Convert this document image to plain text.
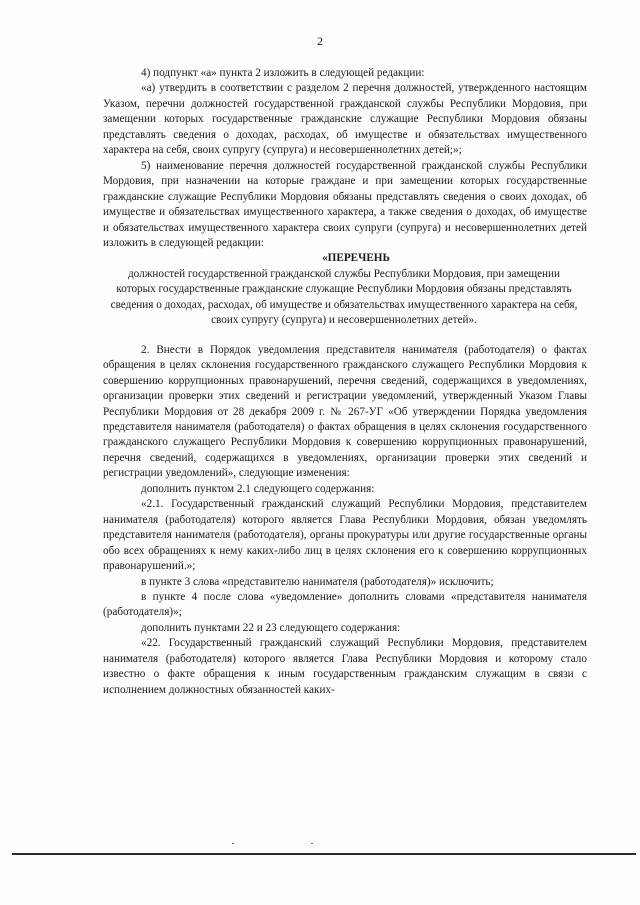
2

4) подпункт «а» пункта 2 изложить в следующей редакции:

«а) утвердить в соответствии с разделом 2 перечня должностей, утвержденного настоящим Указом, перечни должностей государственной гражданской службы Республики Мордовия, при замещении которых государственные гражданские служащие Республики Мордовия обязаны представлять сведения о доходах, расходах, об имуществе и обязательствах имущественного характера на себя, своих супругу (супруга) и несовершеннолетних детей;»;

5) наименование перечня должностей государственной гражданской службы Республики Мордовия, при назначении на которые граждане и при замещении которых государственные гражданские служащие Республики Мордовия обязаны представлять сведения о своих доходах, об имуществе и обязательствах имущественного характера, а также сведения о доходах, об имуществе и обязательствах имущественного характера своих супруги (супруга) и несовершеннолетних детей изложить в следующей редакции:

«ПЕРЕЧЕНЬ

должностей государственной гражданской службы Республики Мордовия, при замещении которых государственные гражданские служащие Республики Мордовия обязаны представлять сведения о доходах, расходах, об имуществе и обязательствах имущественного характера на себя, своих супругу (супруга) и несовершеннолетних детей».

2. Внести в Порядок уведомления представителя нанимателя (работодателя) о фактах обращения в целях склонения государственного гражданского служащего Республики Мордовия к совершению коррупционных правонарушений, перечня сведений, содержащихся в уведомлениях, организации проверки этих сведений и регистрации уведомлений, утвержденный Указом Главы Республики Мордовия от 28 декабря 2009 г. № 267-УГ «Об утверждении Порядка уведомления представителя нанимателя (работодателя) о фактах обращения в целях склонения государственного гражданского служащего Республики Мордовия к совершению коррупционных правонарушений, перечня сведений, содержащихся в уведомлениях, организации проверки этих сведений и регистрации уведомлений», следующие изменения:

дополнить пунктом 2.1 следующего содержания:

«2.1. Государственный гражданский служащий Республики Мордовия, представителем нанимателя (работодателя) которого является Глава Республики Мордовия, обязан уведомлять представителя нанимателя (работодателя), органы прокуратуры или другие государственные органы обо всех обращениях к нему каких-либо лиц в целях склонения его к совершению коррупционных правонарушений.»;

в пункте 3 слова «представителю нанимателя (работодателя)» исключить;

в пункте 4 после слова «уведомление» дополнить словами «представителя нанимателя (работодателя)»;

дополнить пунктами 22 и 23 следующего содержания:

«22. Государственный гражданский служащий Республики Мордовия, представителем нанимателя (работодателя) которого является Глава Республики Мордовия и которому стало известно о факте обращения к иным государственным гражданским служащим в связи с исполнением должностных обязанностей каких-
